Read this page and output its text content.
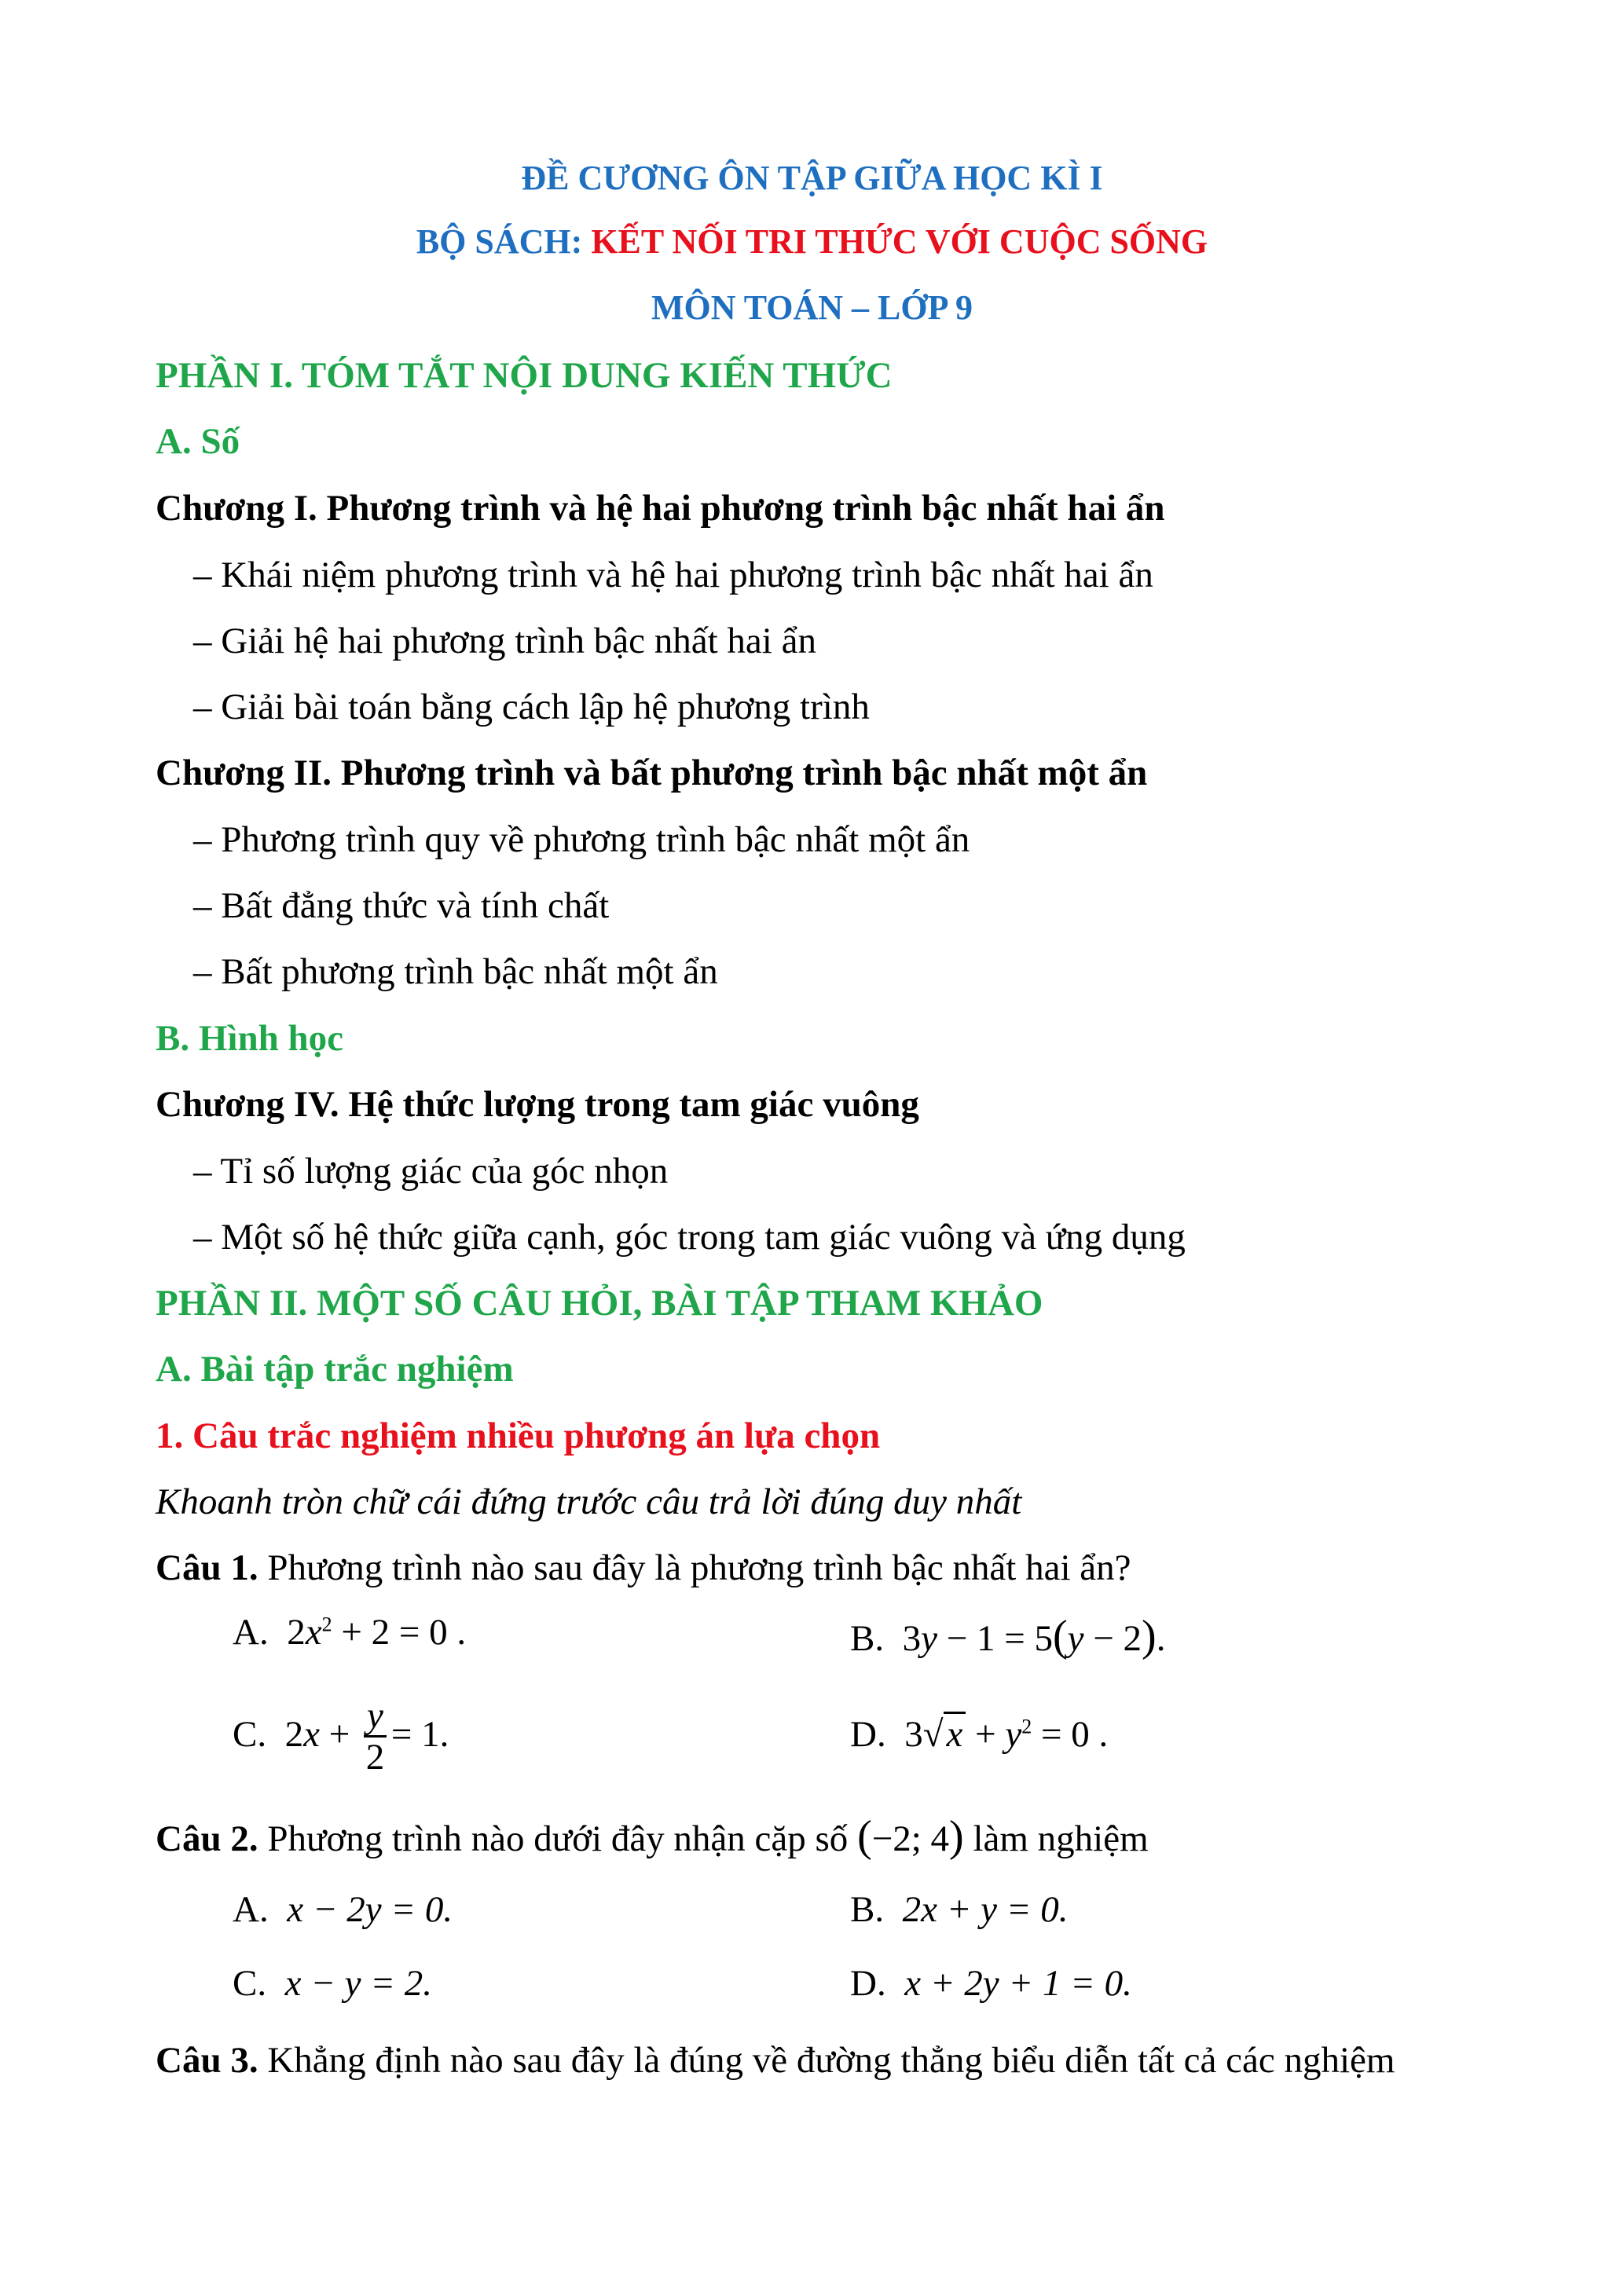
ĐỀ CƯƠNG ÔN TẬP GIỮA HỌC KÌ I
BỘ SÁCH: KẾT NỐI TRI THỨC VỚI CUỘC SỐNG
MÔN TOÁN – LỚP 9
PHẦN I. TÓM TẮT NỘI DUNG KIẾN THỨC
A. Số
Chương I. Phương trình và hệ hai phương trình bậc nhất hai ẩn
– Khái niệm phương trình và hệ hai phương trình bậc nhất hai ẩn
– Giải hệ hai phương trình bậc nhất hai ẩn
– Giải bài toán bằng cách lập hệ phương trình
Chương II. Phương trình và bất phương trình bậc nhất một ẩn
– Phương trình quy về phương trình bậc nhất một ẩn
– Bất đẳng thức và tính chất
– Bất phương trình bậc nhất một ẩn
B. Hình học
Chương IV. Hệ thức lượng trong tam giác vuông
– Tỉ số lượng giác của góc nhọn
– Một số hệ thức giữa cạnh, góc trong tam giác vuông và ứng dụng
PHẦN II. MỘT SỐ CÂU HỎI, BÀI TẬP THAM KHẢO
A. Bài tập trắc nghiệm
1. Câu trắc nghiệm nhiều phương án lựa chọn
Khoanh tròn chữ cái đứng trước câu trả lời đúng duy nhất
Câu 1. Phương trình nào sau đây là phương trình bậc nhất hai ẩn?
A.  $2x^2 + 2 = 0$ .	B.  3y − 1 = 5(y − 2).
C.  $2x + \frac{y}{2} = 1$.	D.  $3√x + y^2 = 0$ .
Câu 2. Phương trình nào dưới đây nhận cặp số (−2; 4) làm nghiệm
A. x − 2y = 0.	B. 2x + y = 0.
C. x − y = 2.	D. x + 2y + 1 = 0.
Câu 3. Khẳng định nào sau đây là đúng về đường thẳng biểu diễn tất cả các nghiệm
